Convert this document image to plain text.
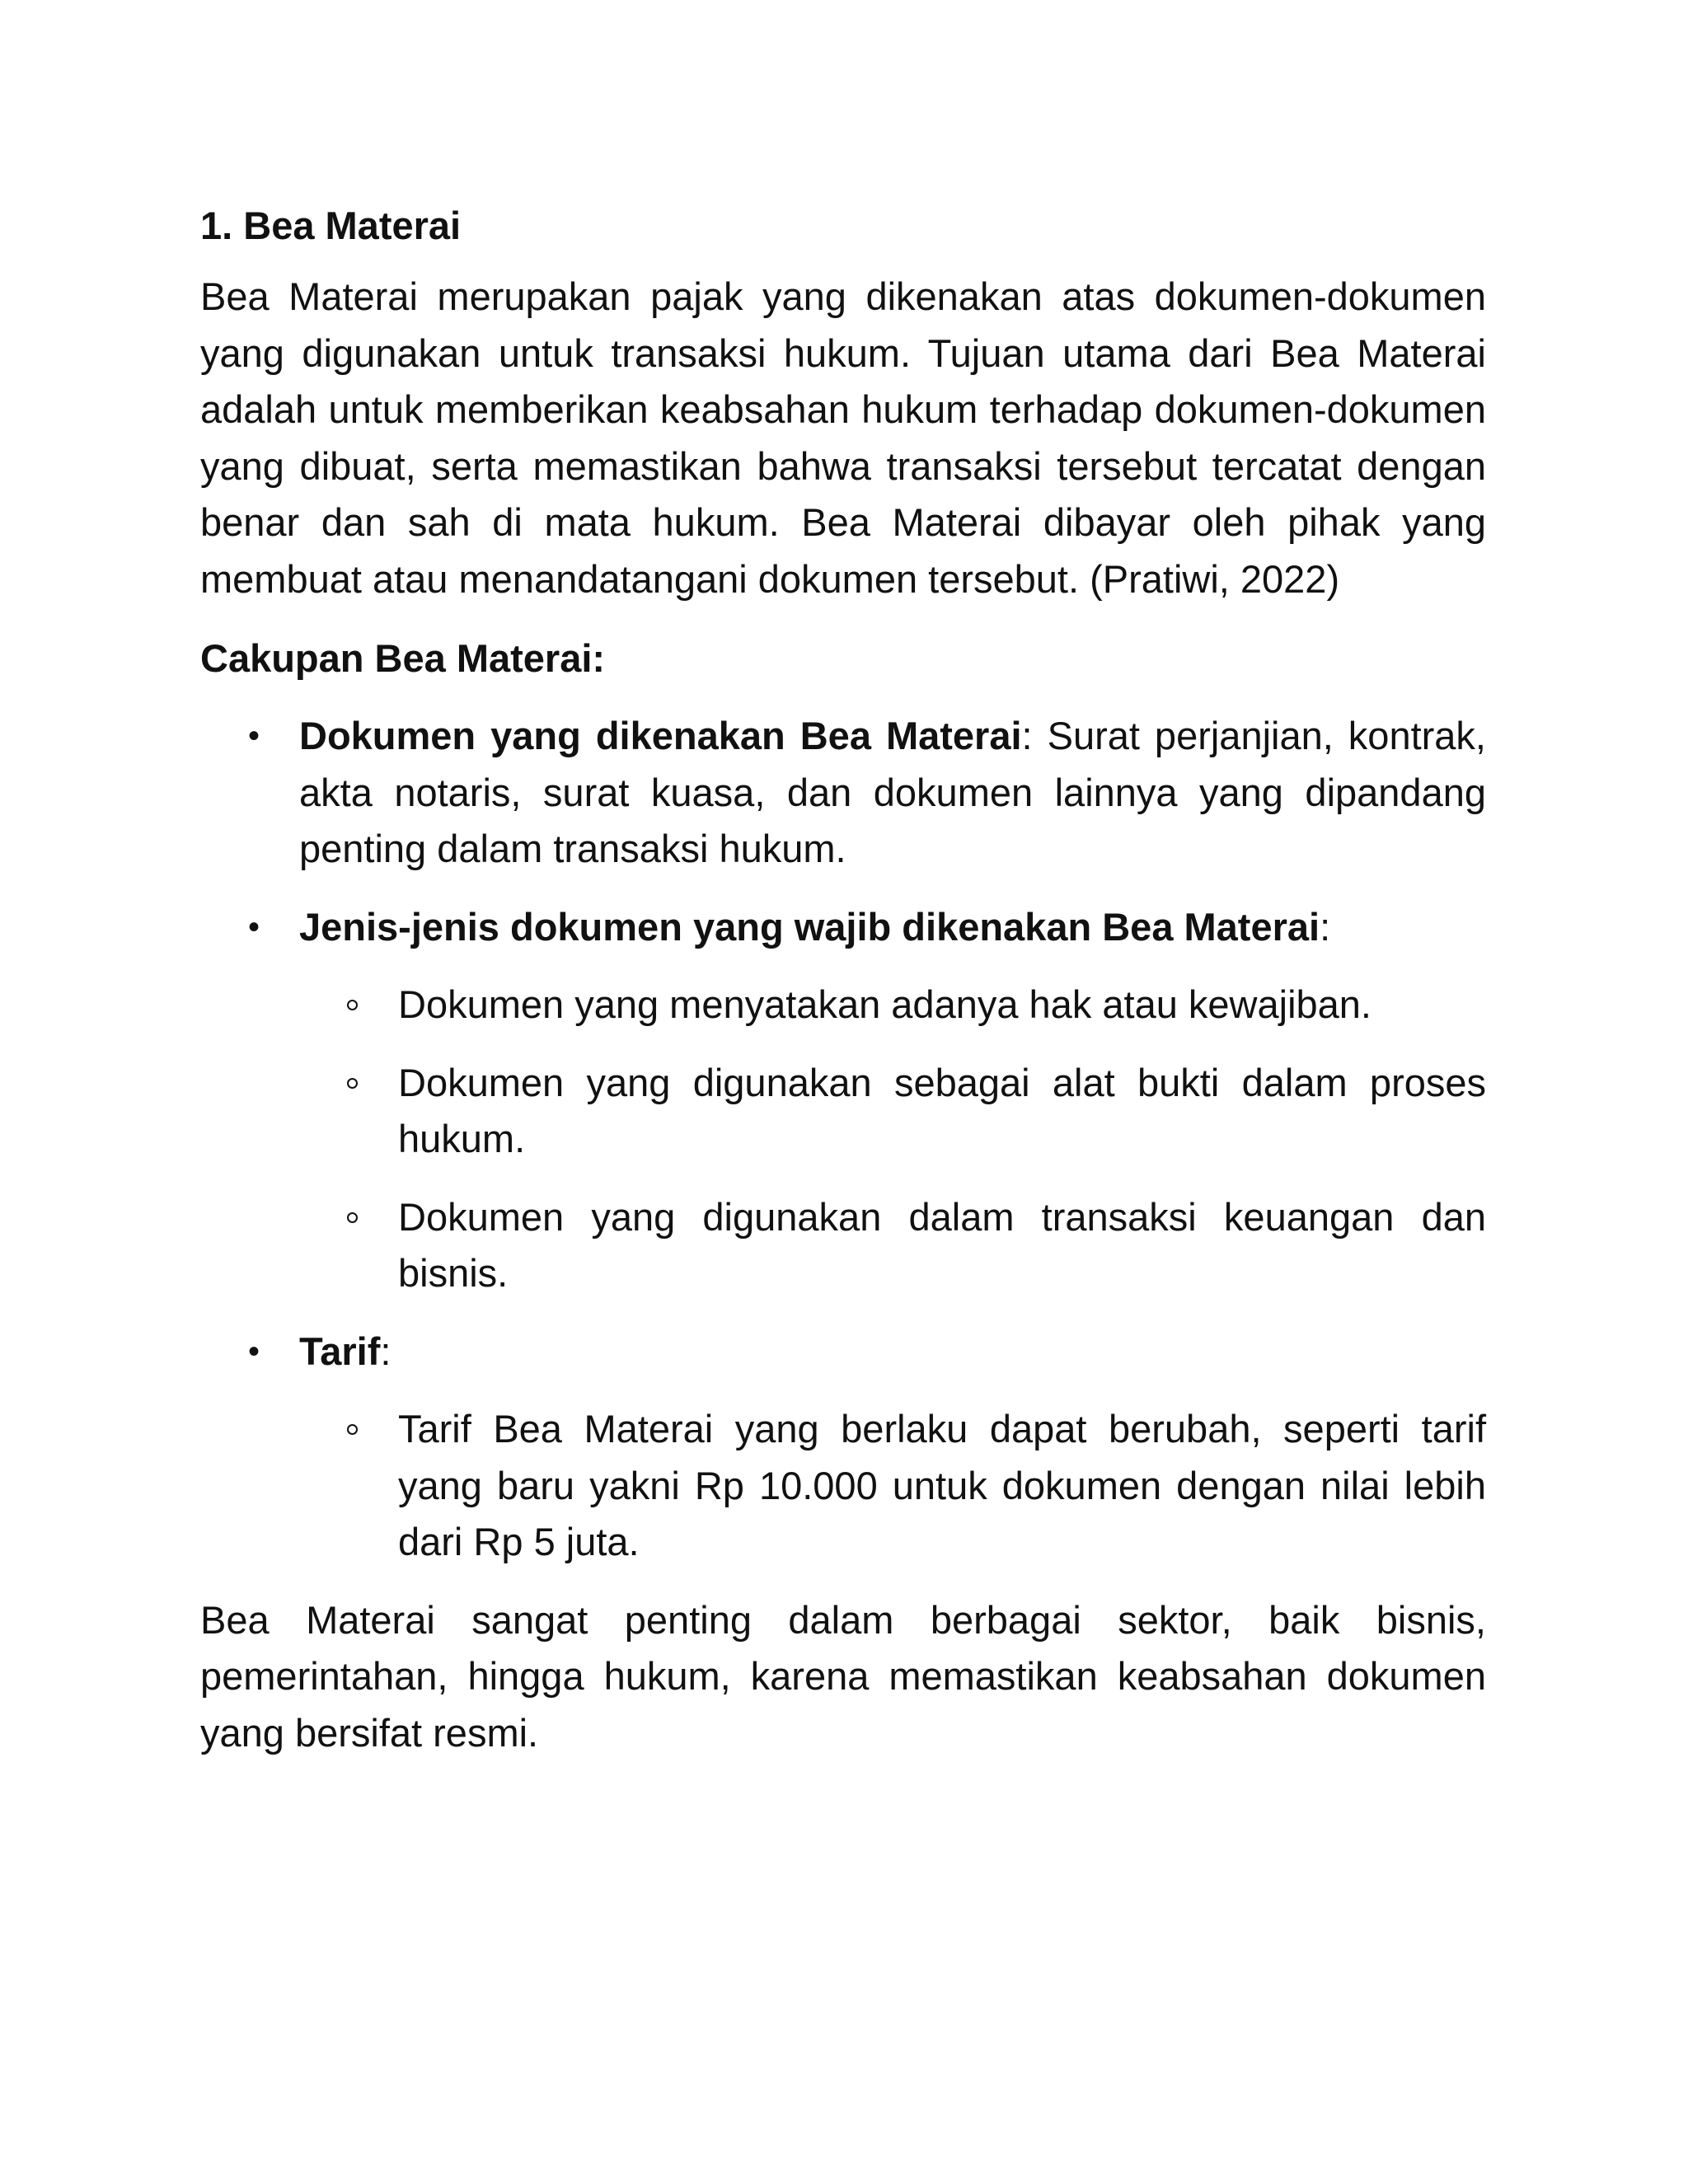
1. Bea Materai

Bea Materai merupakan pajak yang dikenakan atas dokumen-dokumen yang digunakan untuk transaksi hukum. Tujuan utama dari Bea Materai adalah untuk memberikan keabsahan hukum terhadap dokumen-dokumen yang dibuat, serta memastikan bahwa transaksi tersebut tercatat dengan benar dan sah di mata hukum. Bea Materai dibayar oleh pihak yang membuat atau menandatangani dokumen tersebut. (Pratiwi, 2022)

Cakupan Bea Materai:
• Dokumen yang dikenakan Bea Materai: Surat perjanjian, kontrak, akta notaris, surat kuasa, dan dokumen lainnya yang dipandang penting dalam transaksi hukum.
• Jenis-jenis dokumen yang wajib dikenakan Bea Materai:
Dokumen yang menyatakan adanya hak atau kewajiban.
Dokumen yang digunakan sebagai alat bukti dalam proses hukum.
Dokumen yang digunakan dalam transaksi keuangan dan bisnis.
• Tarif:
Tarif Bea Materai yang berlaku dapat berubah, seperti tarif yang baru yakni Rp 10.000 untuk dokumen dengan nilai lebih dari Rp 5 juta.

Bea Materai sangat penting dalam berbagai sektor, baik bisnis, pemerintahan, hingga hukum, karena memastikan keabsahan dokumen yang bersifat resmi.
